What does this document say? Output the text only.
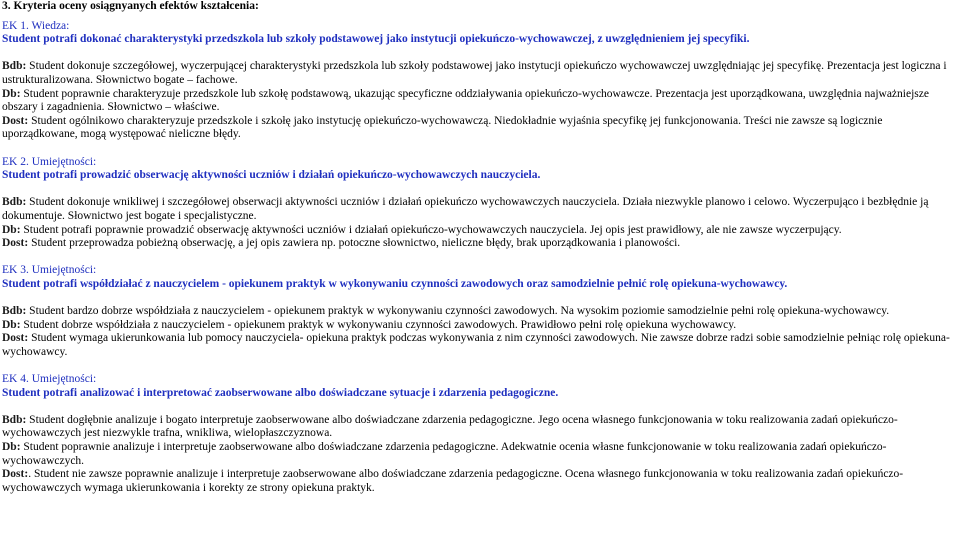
3. Kryteria oceny osiągnyanych efektów kształcenia:

EK 1. Wiedza:

Student potrafi dokonać charakterystyki przedszkola lub szkoły podstawowej jako instytucji opiekuńczo-wychowawczej, z uwzględnieniem jej specyfiki.

Bdb: Student dokonuje szczegółowej, wyczerpującej charakterystyki przedszkola lub szkoły podstawowej jako instytucji opiekuńczo wychowawczej uwzględniając jej specyfikę. Prezentacja jest logiczna i ustrukturalizowana. Słownictwo bogate – fachowe.

Db: Student poprawnie charakteryzuje przedszkole lub szkołę podstawową, ukazując specyficzne oddziaływania opiekuńczo-wychowawcze. Prezentacja jest uporządkowana, uwzględnia najważniejsze obszary i zagadnienia. Słownictwo – właściwe.

Dost: Student ogólnikowo charakteryzuje przedszkole i szkołę jako instytucję opiekuńczo-wychowawczą. Niedokładnie wyjaśnia specyfikę jej funkcjonowania. Treści nie zawsze są logicznie uporządkowane, mogą występować nieliczne błędy.

EK 2. Umiejętności:

Student potrafi prowadzić obserwację aktywności uczniów i działań opiekuńczo-wychowawczych nauczyciela.

Bdb: Student dokonuje wnikliwej i szczegółowej obserwacji aktywności uczniów i działań opiekuńczo wychowawczych nauczyciela. Działa niezwykle planowo i celowo. Wyczerpująco i bezbłędnie ją dokumentuje. Słownictwo jest bogate i specjalistyczne.

Db: Student potrafi poprawnie prowadzić obserwację aktywności uczniów i działań opiekuńczo-wychowawczych nauczyciela. Jej opis jest prawidłowy, ale nie zawsze wyczerpujący.

Dost: Student przeprowadza pobieżną obserwację, a jej opis zawiera np. potoczne słownictwo, nieliczne błędy, brak uporządkowania i planowości.

EK 3. Umiejętności:

Student potrafi współdziałać z nauczycielem - opiekunem praktyk w wykonywaniu czynności zawodowych oraz samodzielnie pełnić rolę opiekuna-wychowawcy.

Bdb: Student bardzo dobrze współdziała z nauczycielem - opiekunem praktyk w wykonywaniu czynności zawodowych. Na wysokim poziomie samodzielnie pełni rolę opiekuna-wychowawcy.

Db: Student dobrze współdziała z nauczycielem - opiekunem praktyk w wykonywaniu czynności zawodowych. Prawidłowo pełni rolę opiekuna wychowawcy.

Dost: Student wymaga ukierunkowania lub pomocy nauczyciela- opiekuna praktyk podczas wykonywania z nim czynności zawodowych. Nie zawsze dobrze radzi sobie samodzielnie pełniąc rolę opiekuna-wychowawcy.

EK 4. Umiejętności:

Student potrafi analizować i interpretować zaobserwowane albo doświadczane sytuacje i zdarzenia pedagogiczne.

Bdb: Student dogłębnie analizuje i bogato interpretuje zaobserwowane albo doświadczane zdarzenia pedagogiczne. Jego ocena własnego funkcjonowania w toku realizowania zadań opiekuńczo-wychowawczych jest niezwykle trafna, wnikliwa, wielopłaszczyznowa.

Db: Student poprawnie analizuje i interpretuje zaobserwowane albo doświadczane zdarzenia pedagogiczne. Adekwatnie ocenia własne funkcjonowanie w toku realizowania zadań opiekuńczo-wychowawczych.

Dost:. Student nie zawsze poprawnie analizuje i interpretuje zaobserwowane albo doświadczane zdarzenia pedagogiczne. Ocena własnego funkcjonowania w toku realizowania zadań opiekuńczo-wychowawczych wymaga ukierunkowania i korekty ze strony opiekuna praktyk.
